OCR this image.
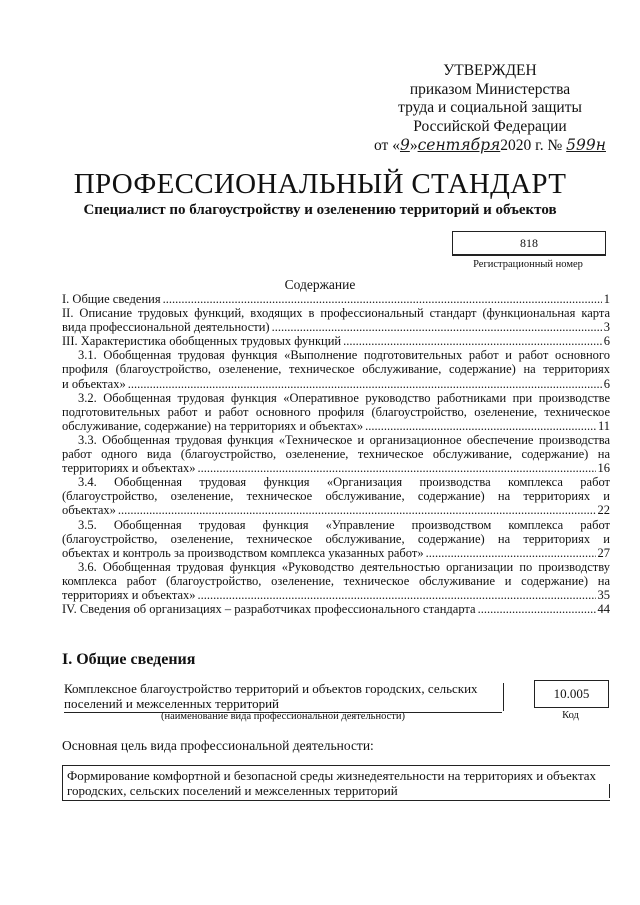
УТВЕРЖДЕН
приказом Министерства
труда и социальной защиты
Российской Федерации
от «9»сентября2020 г. № 599н
ПРОФЕССИОНАЛЬНЫЙ СТАНДАРТ
Специалист по благоустройству и озеленению территорий и объектов
818
Регистрационный номер
Содержание
I. Общие сведения .....	1
II. Описание трудовых функций, входящих в профессиональный стандарт (функциональная карта
вида профессиональной деятельности) .....	3
III. Характеристика обобщенных трудовых функций .....	6
3.1. Обобщенная трудовая функция «Выполнение подготовительных работ и работ основного
профиля (благоустройство, озеленение, техническое обслуживание, содержание) на территориях
и объектах» .....	6
3.2. Обобщенная трудовая функция «Оперативное руководство работниками при производстве
подготовительных работ и работ основного профиля (благоустройство, озеленение, техническое
обслуживание, содержание) на территориях и объектах» .....	11
3.3. Обобщенная трудовая функция «Техническое и организационное обеспечение производства
работ одного вида (благоустройство, озеленение, техническое обслуживание, содержание) на
территориях и объектах» .....	16
3.4.   Обобщенная   трудовая   функция   «Организация   производства   комплекса   работ
(благоустройство, озеленение, техническое обслуживание, содержание) на территориях и
объектах» .....	22
3.5.   Обобщенная   трудовая   функция   «Управление   производством   комплекса   работ
(благоустройство, озеленение, техническое обслуживание, содержание) на территориях и
объектах и контроль за производством комплекса указанных работ» .....	27
3.6. Обобщенная трудовая функция «Руководство деятельностью организации по производству
комплекса работ (благоустройство, озеленение, техническое обслуживание и содержание) на
территориях и объектах» .....	35
IV. Сведения об организациях – разработчиках профессионального стандарта .....	44
I. Общие сведения
Комплексное благоустройство территорий и объектов городских, сельских
поселений и межселенных территорий
(наименование вида профессиональной деятельности)
10.005
Код
Основная цель вида профессиональной деятельности:
Формирование комфортной и безопасной среды жизнедеятельности на территориях и объектах
городских, сельских поселений и межселенных территорий
